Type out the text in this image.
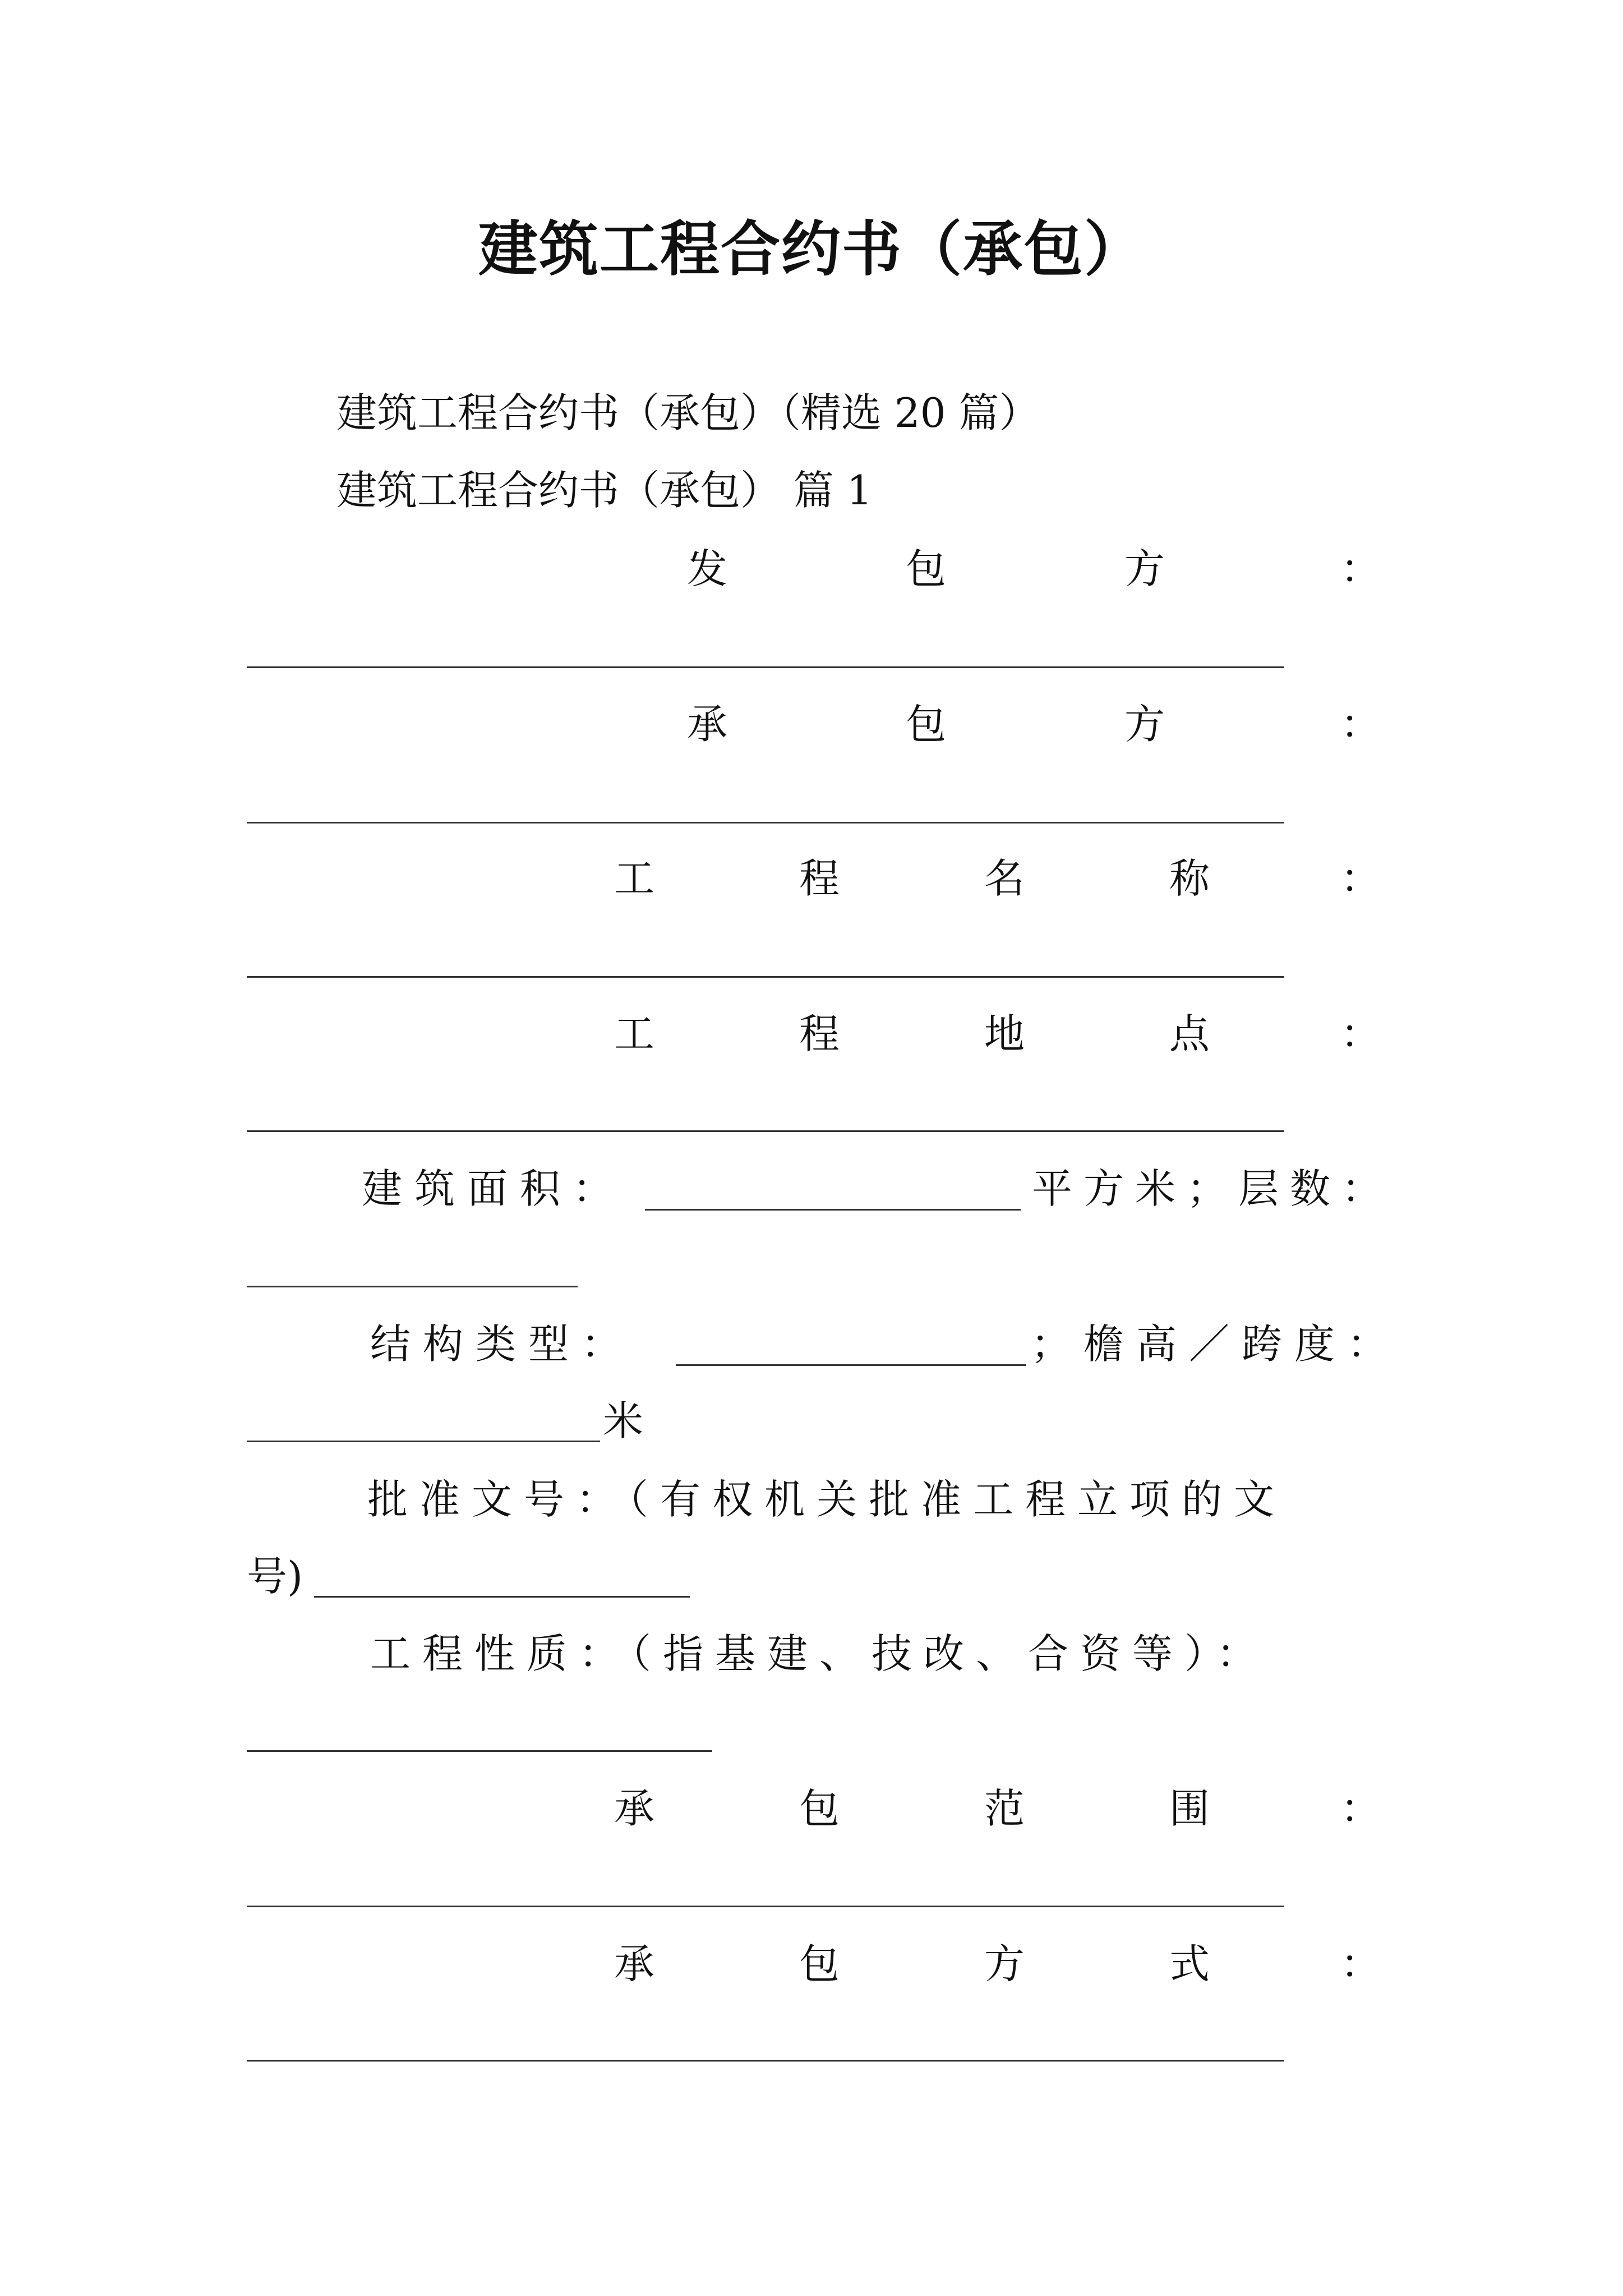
建筑工程合约书（承包）
建筑工程合约书（承包）（精选 20 篇）
建筑工程合约书（承包） 篇 1
发	包	方	：
承	包	方	：
工	程	名	称	：
工	程	地	点	：
建筑面积：	平方米；层数：
结构类型：	；檐高／跨度：
米
批准文号：（有权机关批准工程立项的文
号)
工程性质：（指基建、技改、合资等）：
承	包	范	围	：
承	包	方	式	：
